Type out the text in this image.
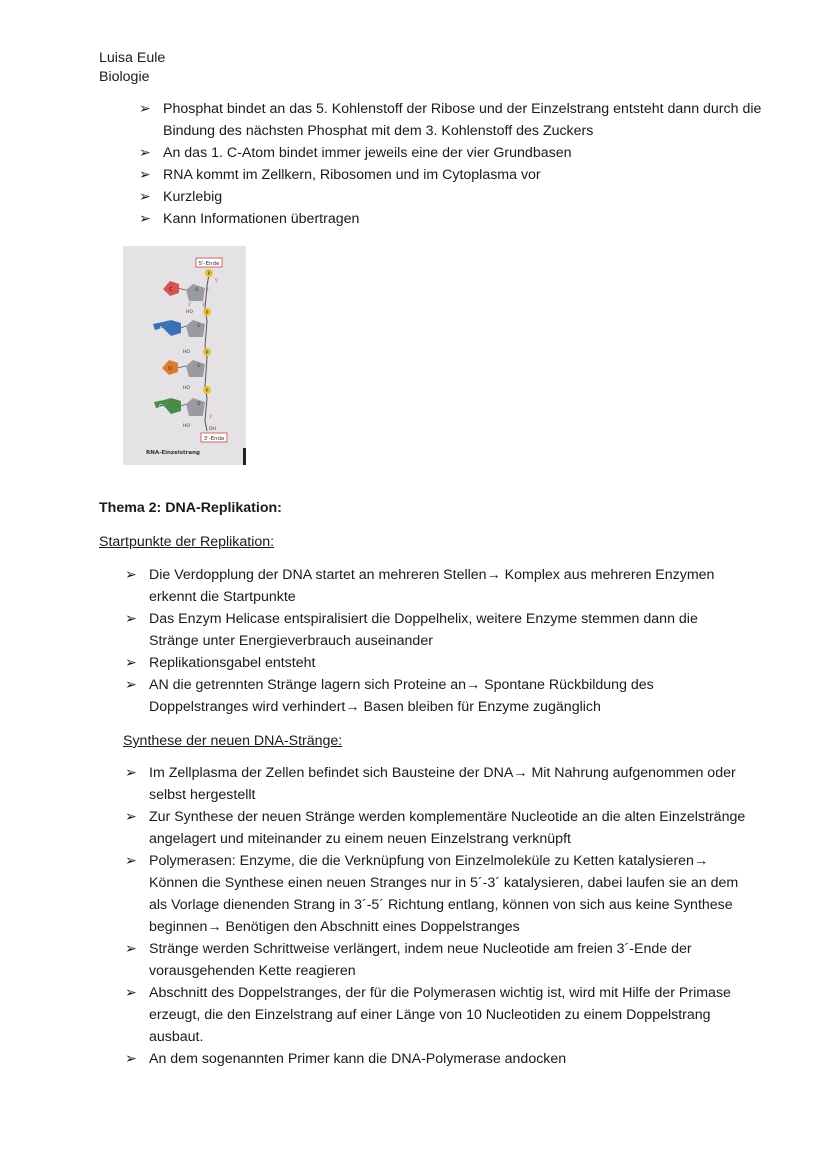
Luisa Eule
Biologie
➢ Phosphat bindet an das 5. Kohlenstoff der Ribose und der Einzelstrang entsteht dann durch die Bindung des nächsten Phosphat mit dem 3. Kohlenstoff des Zuckers
➢ An das 1. C-Atom bindet immer jeweils eine der vier Grundbasen
➢ RNA kommt im Zellkern, Ribosomen und im Cytoplasma vor
➢ Kurzlebig
➢ Kann Informationen übertragen
5'-Ende
P
5'
O 4'
3'
2'
HO
C
P
O
HO
A
P
O
HO
U
P
O
3'
HO
OH
G
3'-Ende
RNA-Einzelstrang
Thema 2: DNA-Replikation:
Startpunkte der Replikation:
➢ Die Verdopplung der DNA startet an mehreren Stellen→ Komplex aus mehreren Enzymen erkennt die Startpunkte
➢ Das Enzym Helicase entspiralisiert die Doppelhelix, weitere Enzyme stemmen dann die Stränge unter Energieverbrauch auseinander
➢ Replikationsgabel entsteht
➢ AN die getrennten Stränge lagern sich Proteine an→ Spontane Rückbildung des Doppelstranges wird verhindert→ Basen bleiben für Enzyme zugänglich
Synthese der neuen DNA-Stränge:
➢ Im Zellplasma der Zellen befindet sich Bausteine der DNA→ Mit Nahrung aufgenommen oder selbst hergestellt
➢ Zur Synthese der neuen Stränge werden komplementäre Nucleotide an die alten Einzelstränge angelagert und miteinander zu einem neuen Einzelstrang verknüpft
➢ Polymerasen: Enzyme, die die Verknüpfung von Einzelmoleküle zu Ketten katalysieren→ Können die Synthese einen neuen Stranges nur in 5´-3´ katalysieren, dabei laufen sie an dem als Vorlage dienenden Strang in 3´-5´ Richtung entlang, können von sich aus keine Synthese beginnen→ Benötigen den Abschnitt eines Doppelstranges
➢ Stränge werden Schrittweise verlängert, indem neue Nucleotide am freien 3´-Ende der vorausgehenden Kette reagieren
➢ Abschnitt des Doppelstranges, der für die Polymerasen wichtig ist, wird mit Hilfe der Primase erzeugt, die den Einzelstrang auf einer Länge von 10 Nucleotiden zu einem Doppelstrang ausbaut.
➢ An dem sogenannten Primer kann die DNA-Polymerase andocken
